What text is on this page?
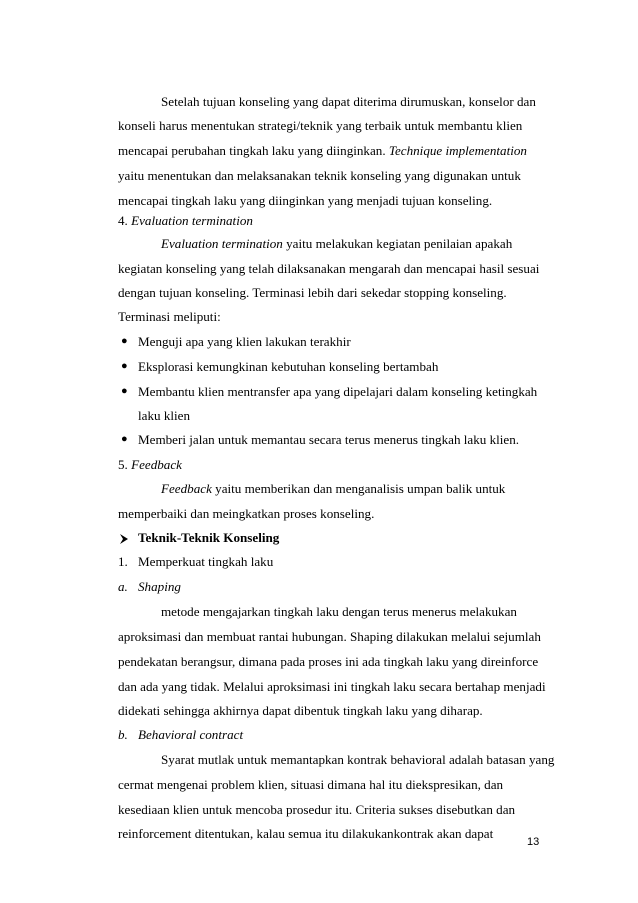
Setelah tujuan konseling yang dapat diterima dirumuskan, konselor dan
konseli harus menentukan strategi/teknik yang terbaik untuk membantu klien
mencapai perubahan tingkah laku yang diinginkan. Technique implementation
yaitu menentukan dan melaksanakan teknik konseling yang digunakan untuk
mencapai tingkah laku yang diinginkan yang menjadi tujuan konseling.
4. Evaluation termination
Evaluation termination yaitu melakukan kegiatan penilaian apakah
kegiatan konseling yang telah dilaksanakan mengarah dan mencapai hasil sesuai
dengan tujuan konseling. Terminasi lebih dari sekedar stopping konseling.
Terminasi meliputi:
● Menguji apa yang klien lakukan terakhir
● Eksplorasi kemungkinan kebutuhan konseling bertambah
● Membantu klien mentransfer apa yang dipelajari dalam konseling ketingkah
laku klien
● Memberi jalan untuk memantau secara terus menerus tingkah laku klien.
5. Feedback
Feedback yaitu memberikan dan menganalisis umpan balik untuk
memperbaiki dan meingkatkan proses konseling.
Teknik-Teknik Konseling
1. Memperkuat tingkah laku
a. Shaping
metode mengajarkan tingkah laku dengan terus menerus melakukan
aproksimasi dan membuat rantai hubungan. Shaping dilakukan melalui sejumlah
pendekatan berangsur, dimana pada proses ini ada tingkah laku yang direinforce
dan ada yang tidak. Melalui aproksimasi ini tingkah laku secara bertahap menjadi
didekati sehingga akhirnya dapat dibentuk tingkah laku yang diharap.
b. Behavioral contract
Syarat mutlak untuk memantapkan kontrak behavioral adalah batasan yang
cermat mengenai problem klien, situasi dimana hal itu diekspresikan, dan
kesediaan klien untuk mencoba prosedur itu. Criteria sukses disebutkan dan
reinforcement ditentukan, kalau semua itu dilakukankontrak akan dapat
13
